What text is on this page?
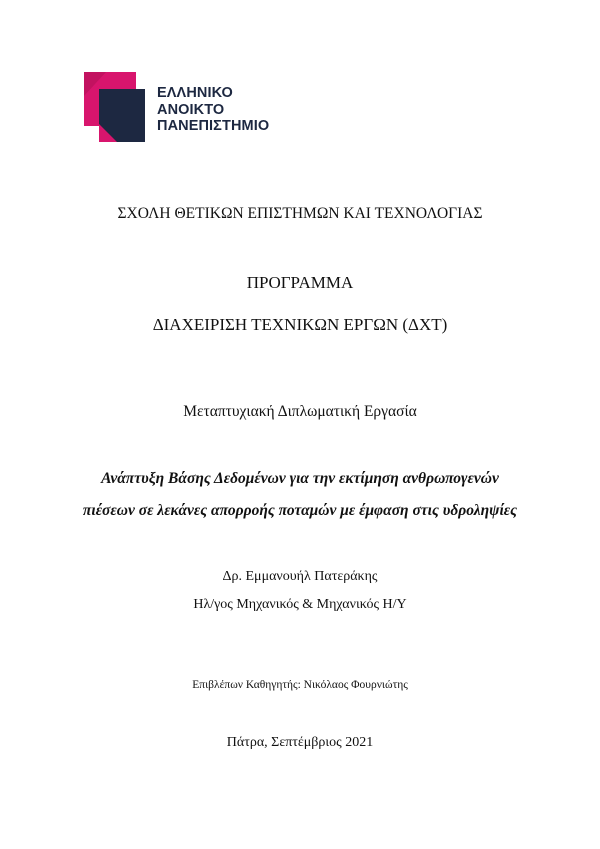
ΕΛΛΗΝΙΚΟ
ΑΝΟΙΚΤΟ
ΠΑΝΕΠΙΣΤΗΜΙΟ
ΣΧΟΛΗ ΘΕΤΙΚΩΝ ΕΠΙΣΤΗΜΩΝ ΚΑΙ ΤΕΧΝΟΛΟΓΙΑΣ
ΠΡΟΓΡΑΜΜΑ
ΔΙΑΧΕΙΡΙΣΗ ΤΕΧΝΙΚΩΝ ΕΡΓΩΝ (ΔΧΤ)
Μεταπτυχιακή Διπλωματική Εργασία
Ανάπτυξη Βάσης Δεδομένων για την εκτίμηση ανθρωπογενών
πιέσεων σε λεκάνες απορροής ποταμών με έμφαση στις υδροληψίες
Δρ. Εμμανουήλ Πατεράκης
Ηλ/γος Μηχανικός & Μηχανικός Η/Υ
Επιβλέπων Καθηγητής: Νικόλαος Φουρνιώτης
Πάτρα, Σεπτέμβριος 2021
